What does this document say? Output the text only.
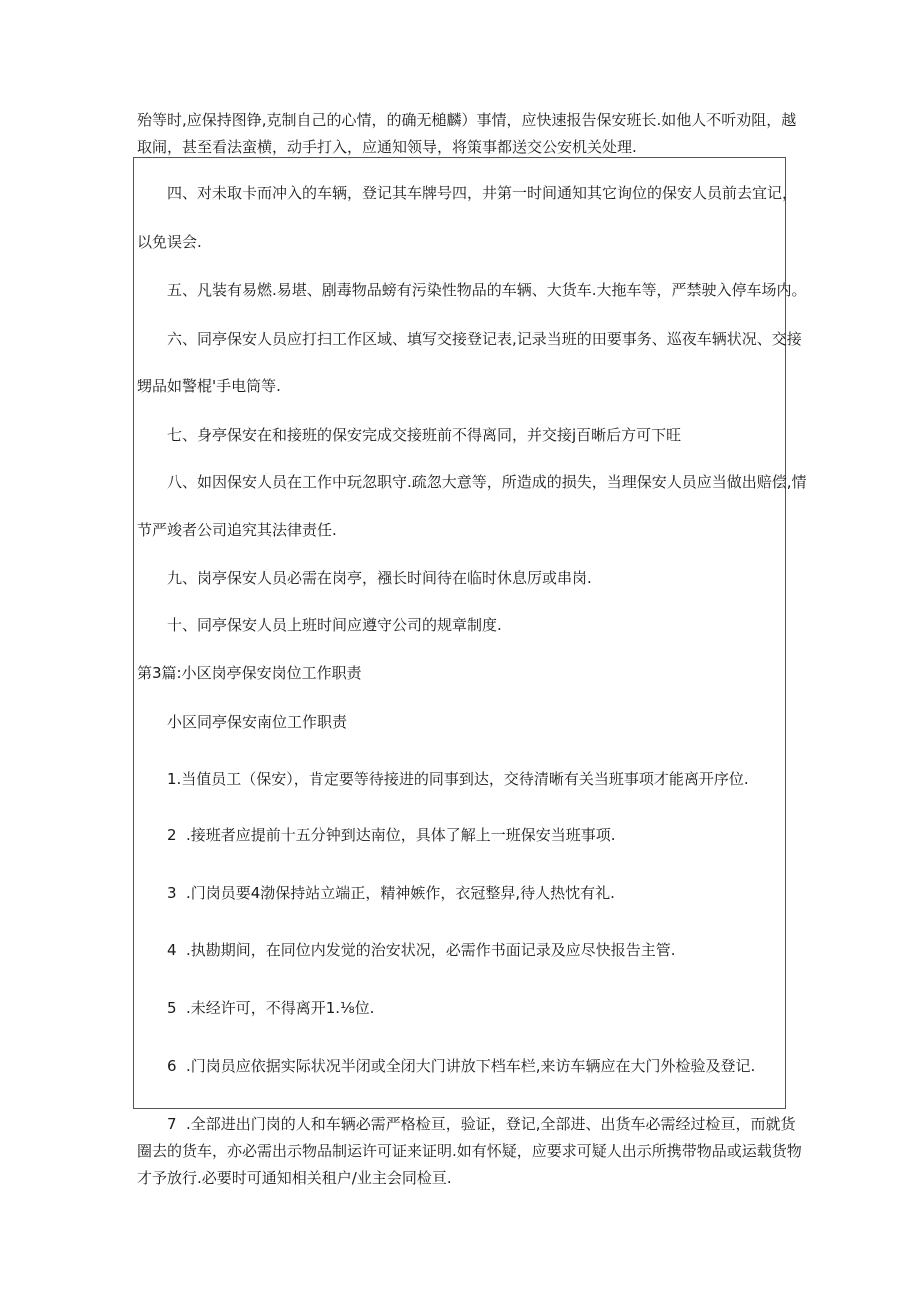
殆等时,应保持图铮,克制自己的心情，的确无槌麟）事情，应快速报告保安班长.如他人不听劝阻，越
取闹，甚至看法蛮横，动手打入，应通知领导，将策事都送交公安机关处理.
四、对未取卡而冲入的车辆，登记其车牌号四，井第一时间通知其它询位的保安人员前去宜记，
以免误会.
五、凡装有易燃.易堪、剧毒物品螃有污染性物品的车辆、大货车.大拖车等，严禁驶入停车场内。
六、同亭保安人员应打扫工作区域、填写交接登记表,记录当班的田要事务、巡夜车辆状况、交接
甥品如警棍'手电筒等.
七、身亭保安在和接班的保安完成交接班前不得离同，并交接j百晰后方可下旺
八、如因保安人员在工作中玩忽职守.疏忽大意等，所造成的损失，当理保安人员应当做出赔偿,情
节严竣者公司追究其法律责任.
九、岗亭保安人员必需在岗亭，襁长时间待在临时休息厉或串岗.
十、同亭保安人员上班时间应遵守公司的规章制度.
第3篇:小区岗亭保安岗位工作职责
小区同亭保安南位工作职责
1.当值员工（保安），肯定要等待接进的同事到达，交待清晰有关当班事项才能离开序位.
2 .接班者应提前十五分钟到达南位，具体了解上一班保安当班事项.
3 .门岗员要4渤保持站立端正，精神嫉作，衣冠整舁,待人热忱有礼.
4 .执勘期间，在同位内发觉的治安状况，必需作书面记录及应尽快报告主管.
5 .未经许可，不得离开1.⅛位.
6 .门岗员应依据实际状况半闭或全闭大门讲放下档车栏,来访车辆应在大门外检验及登记.
7 .全部进出门岗的人和车辆必需严格检亘，验证，登记,全部进、出货车必需经过检亘，而就货
圈去的货车，亦必需出示物品制运许可证来证明.如有怀疑，应要求可疑人出示所携带物品或运载货物
才予放行.必要时可通知相关租户/业主会同检亘.
